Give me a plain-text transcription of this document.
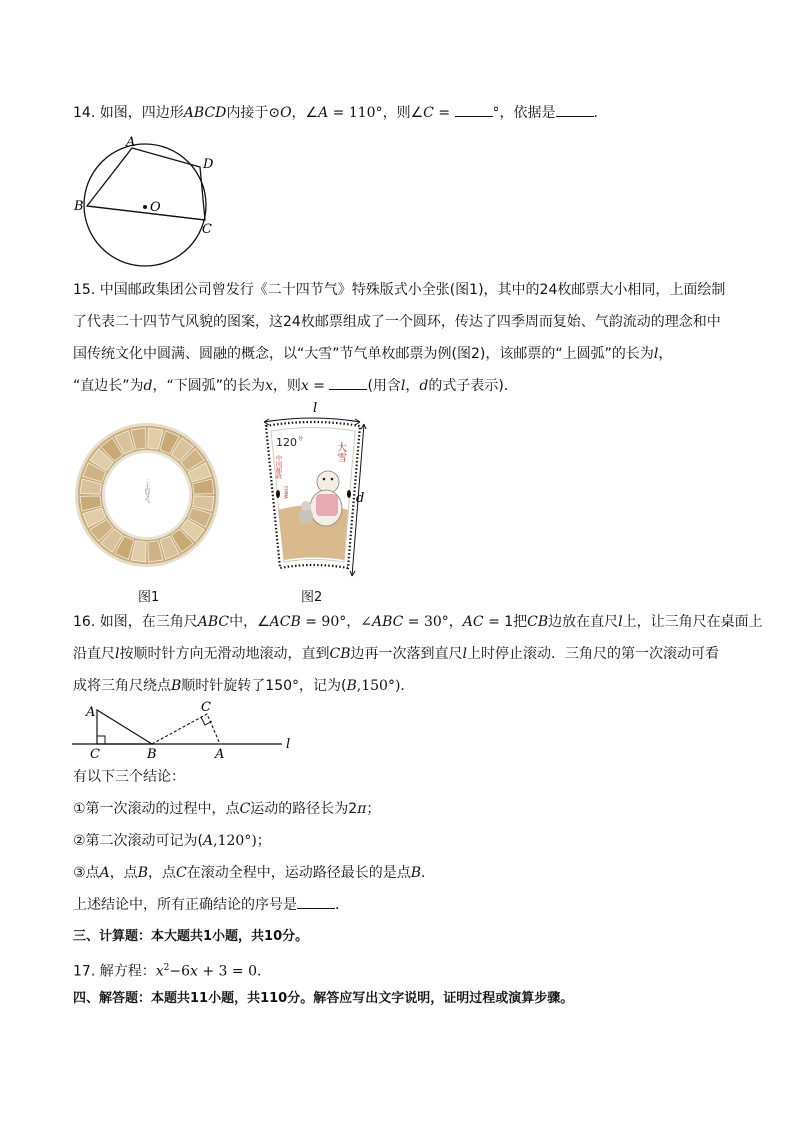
14. 如图，四边形ABCD内接于⊙O，∠A = 110°，则∠C =	°，依据是	.
A
D
B	O
C
15. 中国邮政集团公司曾发行《二十四节气》特殊版式小全张(图1)，其中的24枚邮票大小相同，上面绘制
了代表二十四节气风貌的图案，这24枚邮票组成了一个圆环，传达了四季周而复始、气韵流动的理念和中
国传统文化中圆满、圆融的概念，以“大雪”节气单枚邮票为例(图2)，该邮票的“上圆弧”的长为l，
“直边长”为d，“下圆弧”的长为x，则x =	(用含l，d的式子表示)．
二十四节气
图1
l
120 分
大雪
中国邮政
CHINA	d
图2
16. 如图，在三角尺ABC中，∠ACB = 90°，∠ABC = 30°，AC = 1把CB边放在直尺l上，让三角尺在桌面上
沿直尺l按顺时针方向无滑动地滚动，直到CB边再一次落到直尺l上时停止滚动．三角尺的第一次滚动可看
成将三角尺绕点B顺时针旋转了150°，记为(B,150°)．
A
C	B
C
A
l
有以下三个结论：
①第一次滚动的过程中，点C运动的路径长为2π；
②第二次滚动可记为(A,120°)；
③点A，点B，点C在滚动全程中，运动路径最长的是点B．
上述结论中，所有正确结论的序号是	．
三、计算题：本大题共1小题，共10分。
17. 解方程：$x^2-6x + 3 = 0$．
四、解答题：本题共11小题，共110分。解答应写出文字说明，证明过程或演算步骤。
